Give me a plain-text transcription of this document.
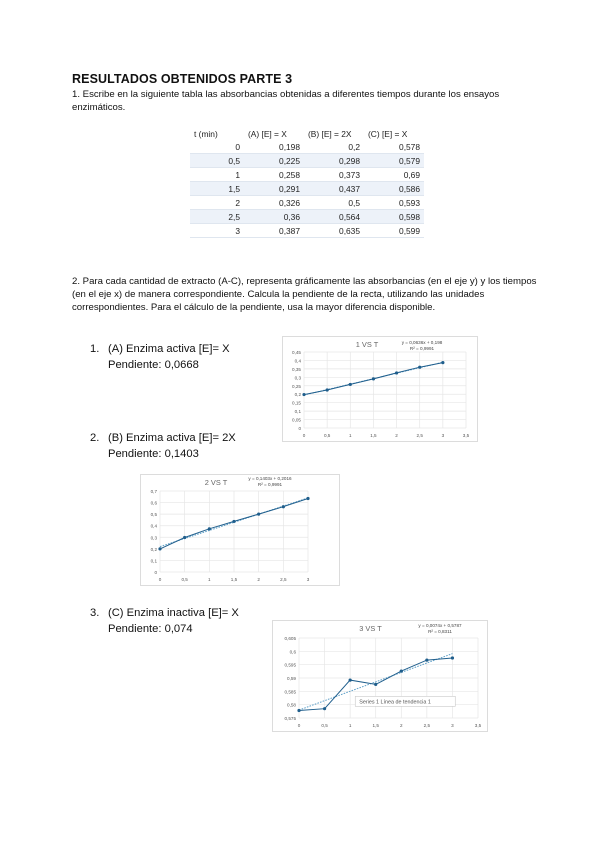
RESULTADOS OBTENIDOS PARTE 3
1. Escribe en la siguiente tabla las absorbancias obtenidas a diferentes tiempos durante los ensayos enzimáticos.
t (min)	(A) [E] = X	(B) [E] = 2X	(C) [E] = X
0	0,198	0,2	0,578
0,5	0,225	0,298	0,579
1	0,258	0,373	0,69
1,5	0,291	0,437	0,586
2	0,326	0,5	0,593
2,5	0,36	0,564	0,598
3	0,387	0,635	0,599
2. Para cada cantidad de extracto (A-C), representa gráficamente las absorbancias (en el eje y) y los tiempos (en el eje x) de manera correspondiente. Calcula la pendiente de la recta, utilizando las unidades correspondientes. Para el cálculo de la pendiente, usa la mayor diferencia disponible.
1. (A) Enzima activa [E]= X
Pendiente: 0,0668
2. (B) Enzima activa [E]= 2X
Pendiente: 0,1403
3. (C) Enzima inactiva [E]= X
Pendiente: 0,074
0
0,05
0,1
0,15
0,2
0,25
0,3
0,35
0,4
0,45
0	0,5	1	1,5	2	2,5	3	3,5
1 VS T	y = 0,0636x + 0,198
R² = 0,9991
0
0,1
0,2
0,3
0,4
0,5
0,6
0,7
0	0,5	1	1,5	2	2,5	3
2 VS T	y = 0,1403x + 0,2016
R² = 0,9991
0,575
0,58
0,585
0,59
0,595
0,6
0,605
0	0,5	1	1,5	2	2,5	3	3,5
3 VS T	y = 0,0074x + 0,5787
R² = 0,8311
Series 1 Línea de tendencia 1
